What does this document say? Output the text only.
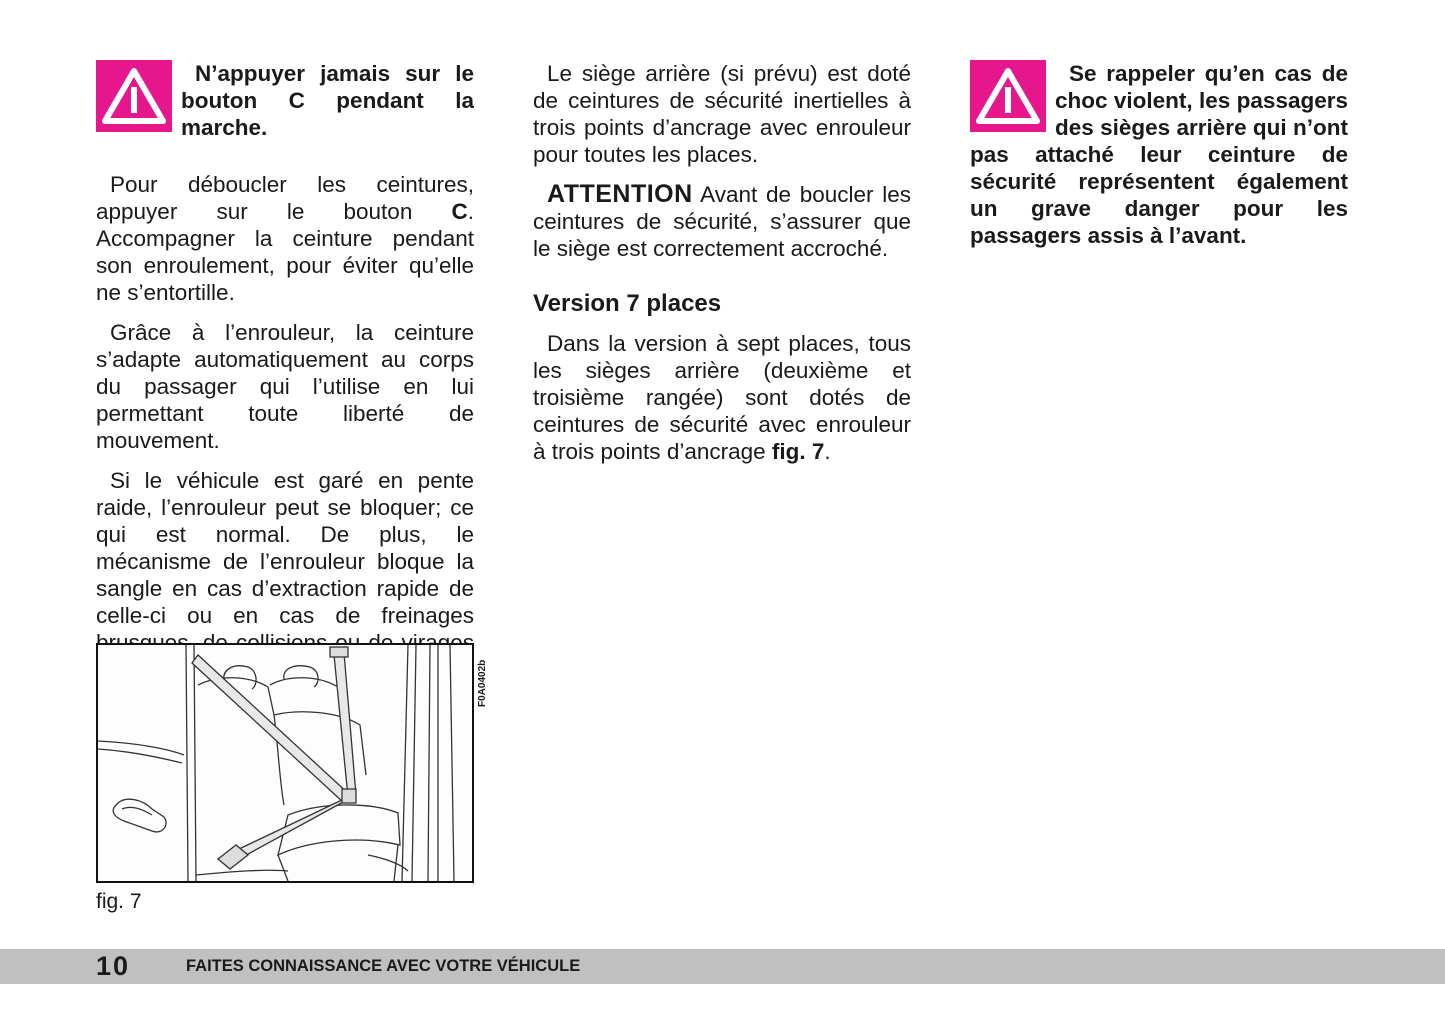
N’appuyer jamais sur le bouton C pendant la marche.

Pour déboucler les ceintures, appuyer sur le bouton C. Accompagner la ceinture pendant son enroulement, pour éviter qu’elle ne s’entortille.

Grâce à l’enrouleur, la ceinture s’adapte automatiquement au corps du passager qui l’utilise en lui permettant toute liberté de mouvement.

Si le véhicule est garé en pente raide, l’enrouleur peut se bloquer; ce qui est normal. De plus, le mécanisme de l’enrouleur bloque la sangle en cas d’extraction rapide de celle-ci ou en cas de freinages

F0A0402b
fig. 7

Le siège arrière (si prévu) est doté de ceintures de sécurité inertielles à trois points d’ancrage avec enrouleur pour toutes les places.

ATTENTION Avant de boucler les ceintures de sécurité, s’assurer que le siège est correctement accroché.

Version 7 places

Dans la version à sept places, tous les sièges arrière (deuxième et troisième rangée) sont dotés de ceintures de sécurité avec enrouleur à trois points d’ancrage fig. 7.

Se rappeler qu’en cas de choc violent, les passagers des sièges arrière qui n’ont pas attaché leur ceinture de sécurité représentent également un grave danger pour les passagers assis à l’avant.
10	FAITES CONNAISSANCE AVEC VOTRE VÉHICULE
